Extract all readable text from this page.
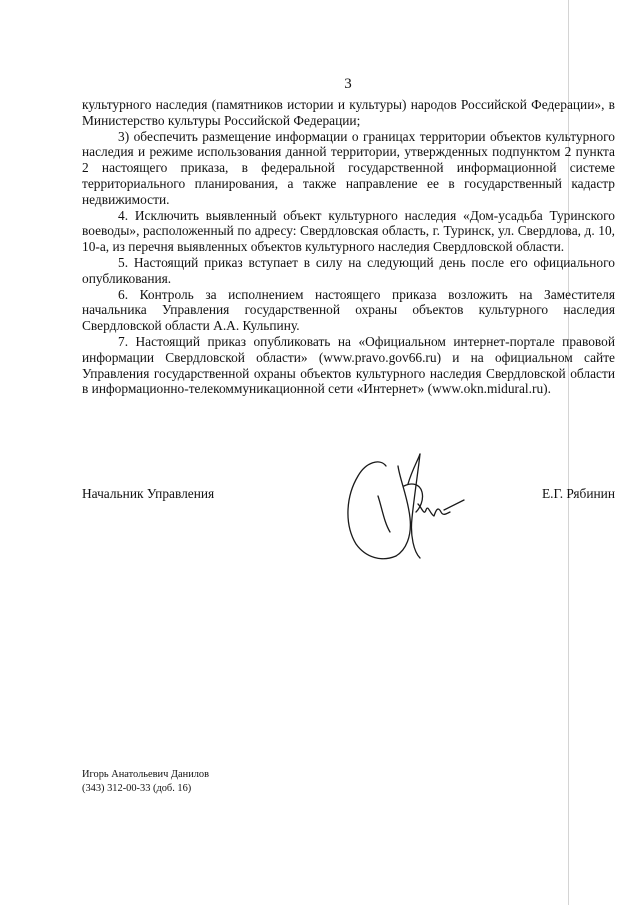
3

культурного наследия (памятников истории и культуры) народов Российской Федерации», в Министерство культуры Российской Федерации;

3) обеспечить размещение информации о границах территории объектов культурного наследия и режиме использования данной территории, утвержденных подпунктом 2 пункта 2 настоящего приказа, в федеральной государственной информационной системе территориального планирования, а также направление ее в государственный кадастр недвижимости.

4. Исключить выявленный объект культурного наследия «Дом-усадьба Туринского воеводы», расположенный по адресу: Свердловская область, г. Туринск, ул. Свердлова, д. 10, 10-а, из перечня выявленных объектов культурного наследия Свердловской области.

5. Настоящий приказ вступает в силу на следующий день после его официального опубликования.

6. Контроль за исполнением настоящего приказа возложить на Заместителя начальника Управления государственной охраны объектов культурного наследия Свердловской области А.А. Кульпину.

7. Настоящий приказ опубликовать на «Официальном интернет-портале правовой информации Свердловской области» (www.pravo.gov66.ru) и на официальном сайте Управления государственной охраны объектов культурного наследия Свердловской области в информационно-телекоммуникационной сети «Интернет» (www.okn.midural.ru).

Начальник Управления	Е.Г. Рябинин
Игорь Анатольевич Данилов
(343) 312-00-33 (доб. 16)
